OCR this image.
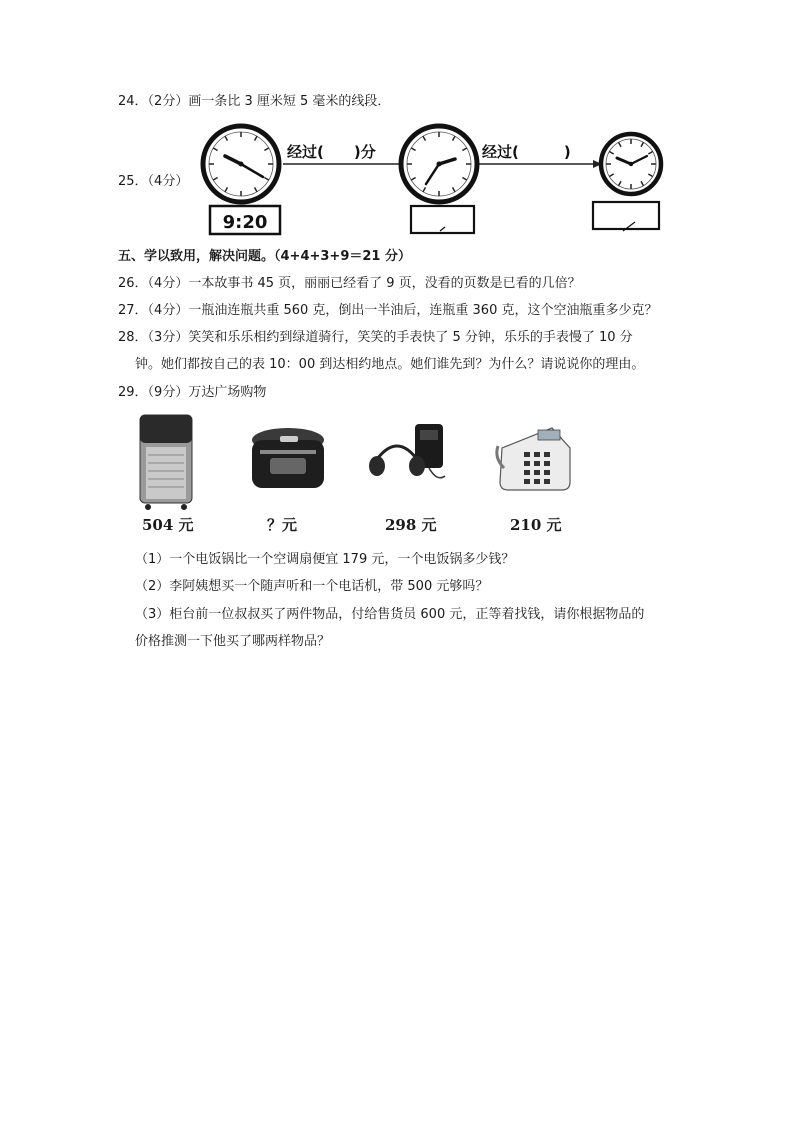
24．（2分）画一条比 3 厘米短 5 毫米的线段．
25．（4分）
经过(　　)分	经过(　　　)
9:20
五、学以致用，解决问题。（4+4+3+9＝21 分）
26．（4分）一本故事书 45 页，丽丽已经看了 9 页，没看的页数是已看的几倍？
27．（4分）一瓶油连瓶共重 560 克，倒出一半油后，连瓶重 360 克，这个空油瓶重多少克？
28．（3分）笑笑和乐乐相约到绿道骑行，笑笑的手表快了 5 分钟，乐乐的手表慢了 10 分
钟。她们都按自己的表 10：00 到达相约地点。她们谁先到？为什么？请说说你的理由。
29．（9分）万达广场购物
504 元	？元	298 元	210 元
（1）一个电饭锅比一个空调扇便宜 179 元，一个电饭锅多少钱？
（2）李阿姨想买一个随声听和一个电话机，带 500 元够吗？
（3）柜台前一位叔叔买了两件物品，付给售货员 600 元，正等着找钱，请你根据物品的
价格推测一下他买了哪两样物品？
